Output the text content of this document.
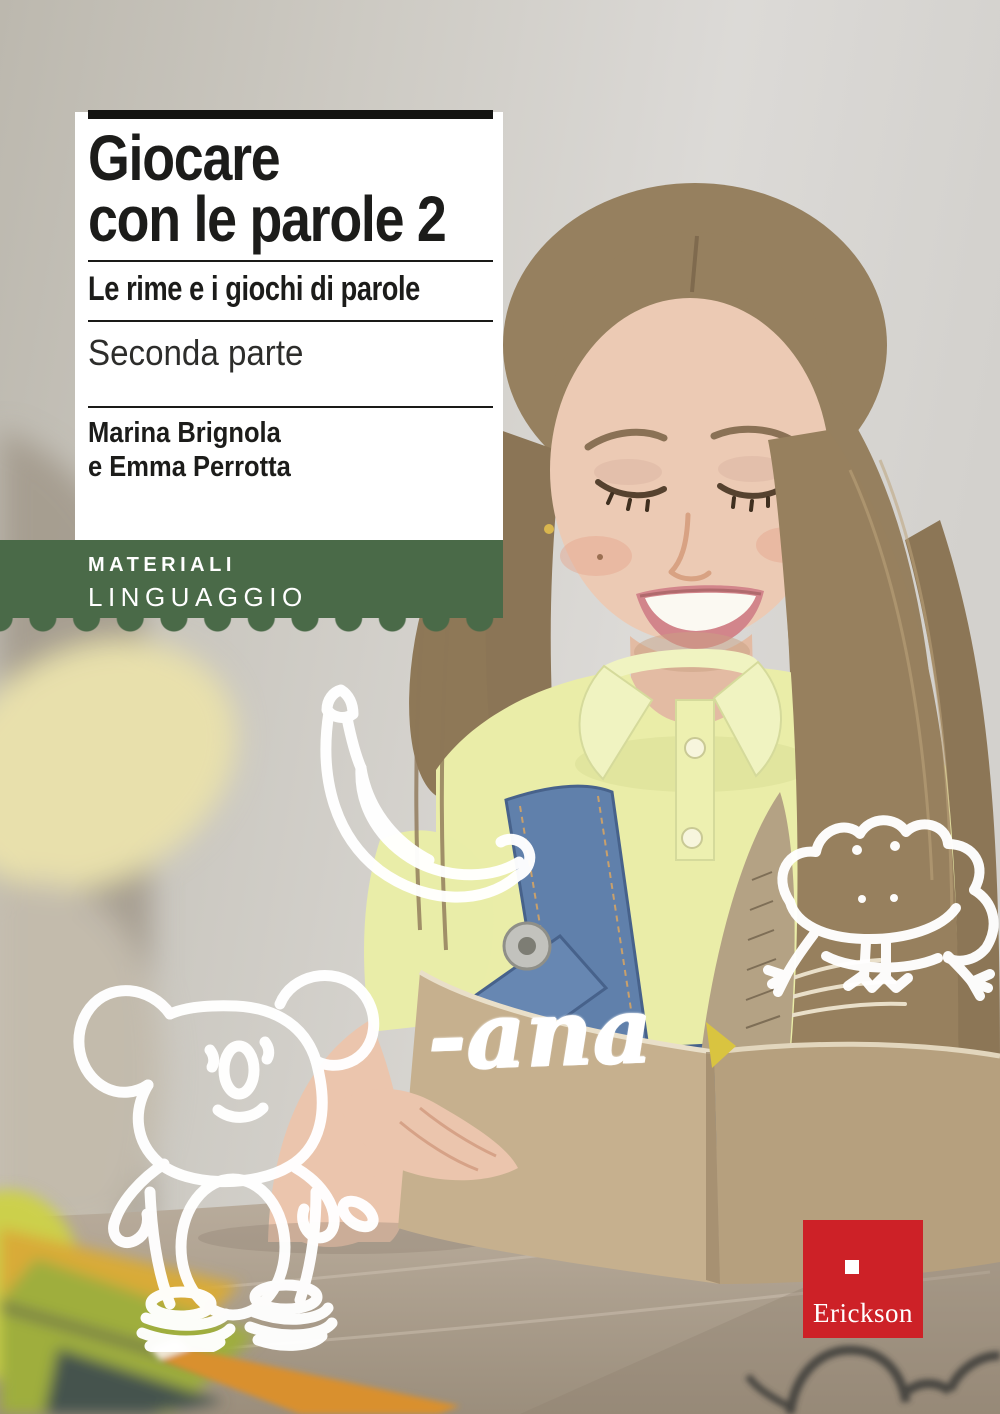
-ana
Giocare
con le parole 2
Le rime e i giochi di parole
Seconda parte
Marina Brignola
e Emma Perrotta
MATERIALI
LINGUAGGIO
Erickson
